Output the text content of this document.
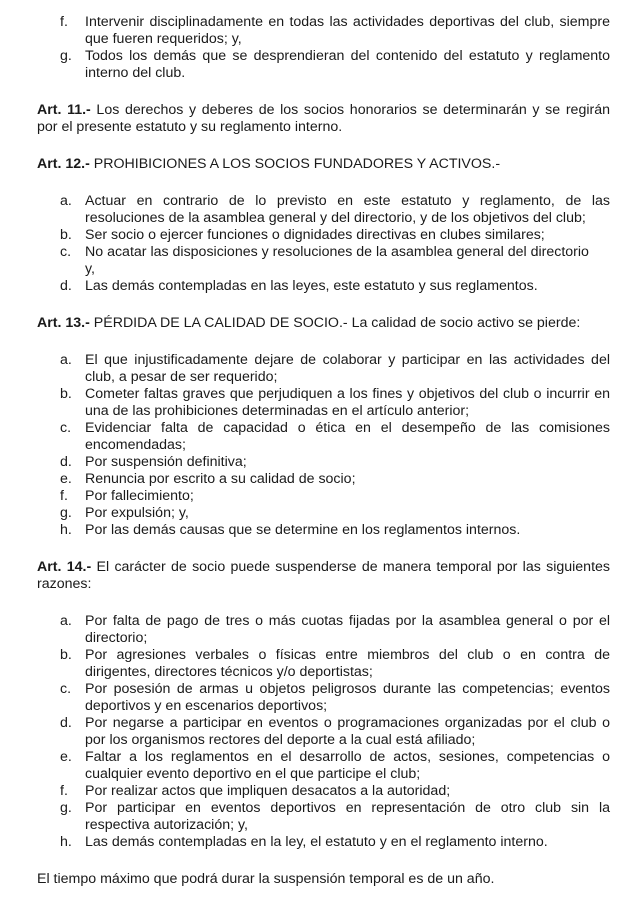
f. Intervenir disciplinadamente en todas las actividades deportivas del club, siempre que fueren requeridos; y,
g. Todos los demás que se desprendieran del contenido del estatuto y reglamento interno del club.

Art. 11.- Los derechos y deberes de los socios honorarios se determinarán y se regirán por el presente estatuto y su reglamento interno.

Art. 12.- PROHIBICIONES A LOS SOCIOS FUNDADORES Y ACTIVOS.-

a. Actuar en contrario de lo previsto en este estatuto y reglamento, de las resoluciones de la asamblea general y del directorio, y de los objetivos del club;
b. Ser socio o ejercer funciones o dignidades directivas en clubes similares;
c. No acatar las disposiciones y resoluciones de la asamblea general del directorio
y,
d. Las demás contempladas en las leyes, este estatuto y sus reglamentos.

Art. 13.- PÉRDIDA DE LA CALIDAD DE SOCIO.- La calidad de socio activo se pierde:

a. El que injustificadamente dejare de colaborar y participar en las actividades del club, a pesar de ser requerido;
b. Cometer faltas graves que perjudiquen a los fines y objetivos del club o incurrir en una de las prohibiciones determinadas en el artículo anterior;
c. Evidenciar falta de capacidad o ética en el desempeño de las comisiones encomendadas;
d. Por suspensión definitiva;
e. Renuncia por escrito a su calidad de socio;
f. Por fallecimiento;
g. Por expulsión; y,
h. Por las demás causas que se determine en los reglamentos internos.

Art. 14.- El carácter de socio puede suspenderse de manera temporal por las siguientes razones:

a. Por falta de pago de tres o más cuotas fijadas por la asamblea general o por el directorio;
b. Por agresiones verbales o físicas entre miembros del club o en contra de dirigentes, directores técnicos y/o deportistas;
c. Por posesión de armas u objetos peligrosos durante las competencias; eventos deportivos y en escenarios deportivos;
d. Por negarse a participar en eventos o programaciones organizadas por el club o por los organismos rectores del deporte a la cual está afiliado;
e. Faltar a los reglamentos en el desarrollo de actos, sesiones, competencias o cualquier evento deportivo en el que participe el club;
f. Por realizar actos que impliquen desacatos a la autoridad;
g. Por participar en eventos deportivos en representación de otro club sin la respectiva autorización; y,
h. Las demás contempladas en la ley, el estatuto y en el reglamento interno.

El tiempo máximo que podrá durar la suspensión temporal es de un año.
